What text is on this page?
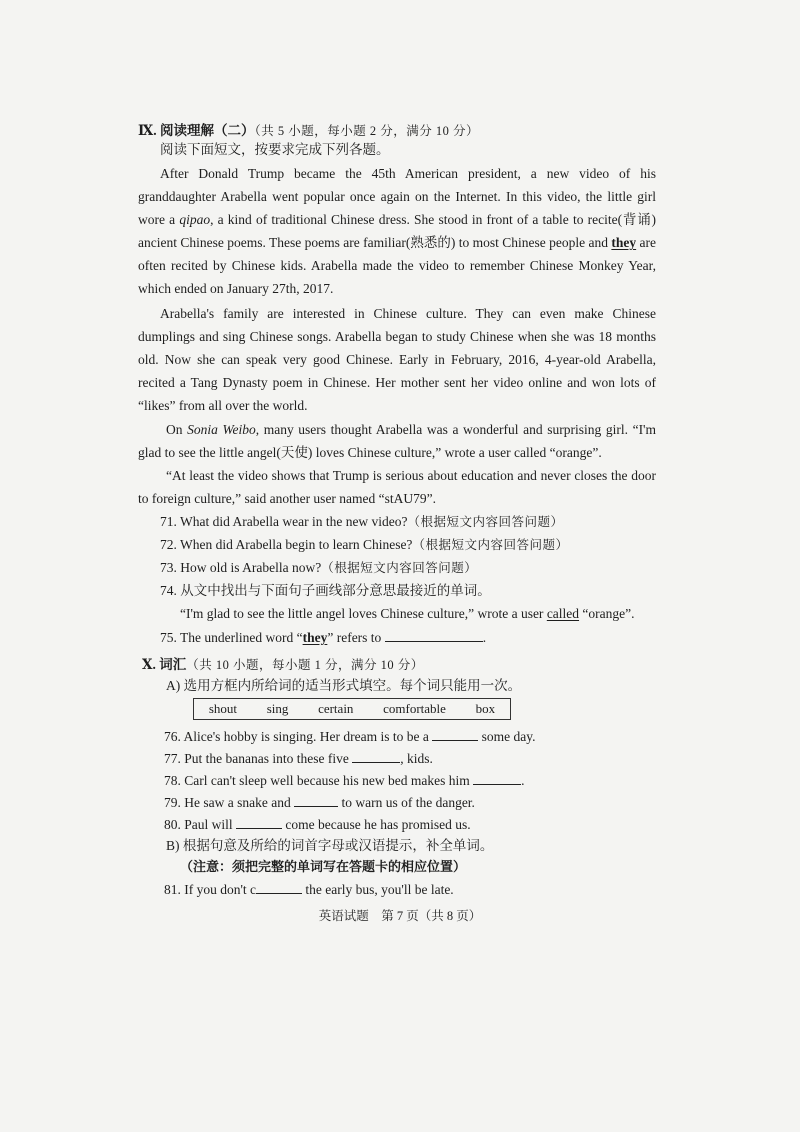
Ⅸ. 阅读理解（二）（共 5 小题，每小题 2 分，满分 10 分）
阅读下面短文，按要求完成下列各题。
After Donald Trump became the 45th American president, a new video of his
granddaughter Arabella went popular once again on the Internet. In this video, the little girl
wore a qipao, a kind of traditional Chinese dress. She stood in front of a table to recite(背诵)
ancient Chinese poems. These poems are familiar(熟悉的) to most Chinese people and they are
often recited by Chinese kids. Arabella made the video to remember Chinese Monkey Year,
which ended on January 27th, 2017.
Arabella's family are interested in Chinese culture. They can even make Chinese
dumplings and sing Chinese songs. Arabella began to study Chinese when she was 18 months
old. Now she can speak very good Chinese. Early in February, 2016, 4-year-old Arabella,
recited a Tang Dynasty poem in Chinese. Her mother sent her video online and won lots of
“likes” from all over the world.
On Sonia Weibo, many users thought Arabella was a wonderful and surprising girl. “I'm
glad to see the little angel(天使) loves Chinese culture,” wrote a user called “orange”.
“At least the video shows that Trump is serious about education and never closes the door
to foreign culture,” said another user named “stAU79”.
71. What did Arabella wear in the new video?（根据短文内容回答问题）
72. When did Arabella begin to learn Chinese?（根据短文内容回答问题）
73. How old is Arabella now?（根据短文内容回答问题）
74. 从文中找出与下面句子画线部分意思最接近的单词。
“I'm glad to see the little angel loves Chinese culture,” wrote a user called “orange”.
75. The underlined word “they” refers to	.
Ⅹ. 词汇（共 10 小题，每小题 1 分，满分 10 分）
A) 选用方框内所给词的适当形式填空。每个词只能用一次。
shout	sing	certain	comfortable	box
76. Alice's hobby is singing. Her dream is to be a	some day.
77. Put the bananas into these five	, kids.
78. Carl can't sleep well because his new bed makes him	.
79. He saw a snake and	to warn us of the danger.
80. Paul will	come because he has promised us.
B) 根据句意及所给的词首字母或汉语提示，补全单词。
（注意：须把完整的单词写在答题卡的相应位置）
81. If you don't c	the early bus, you'll be late.
英语试题　第 7 页（共 8 页）
